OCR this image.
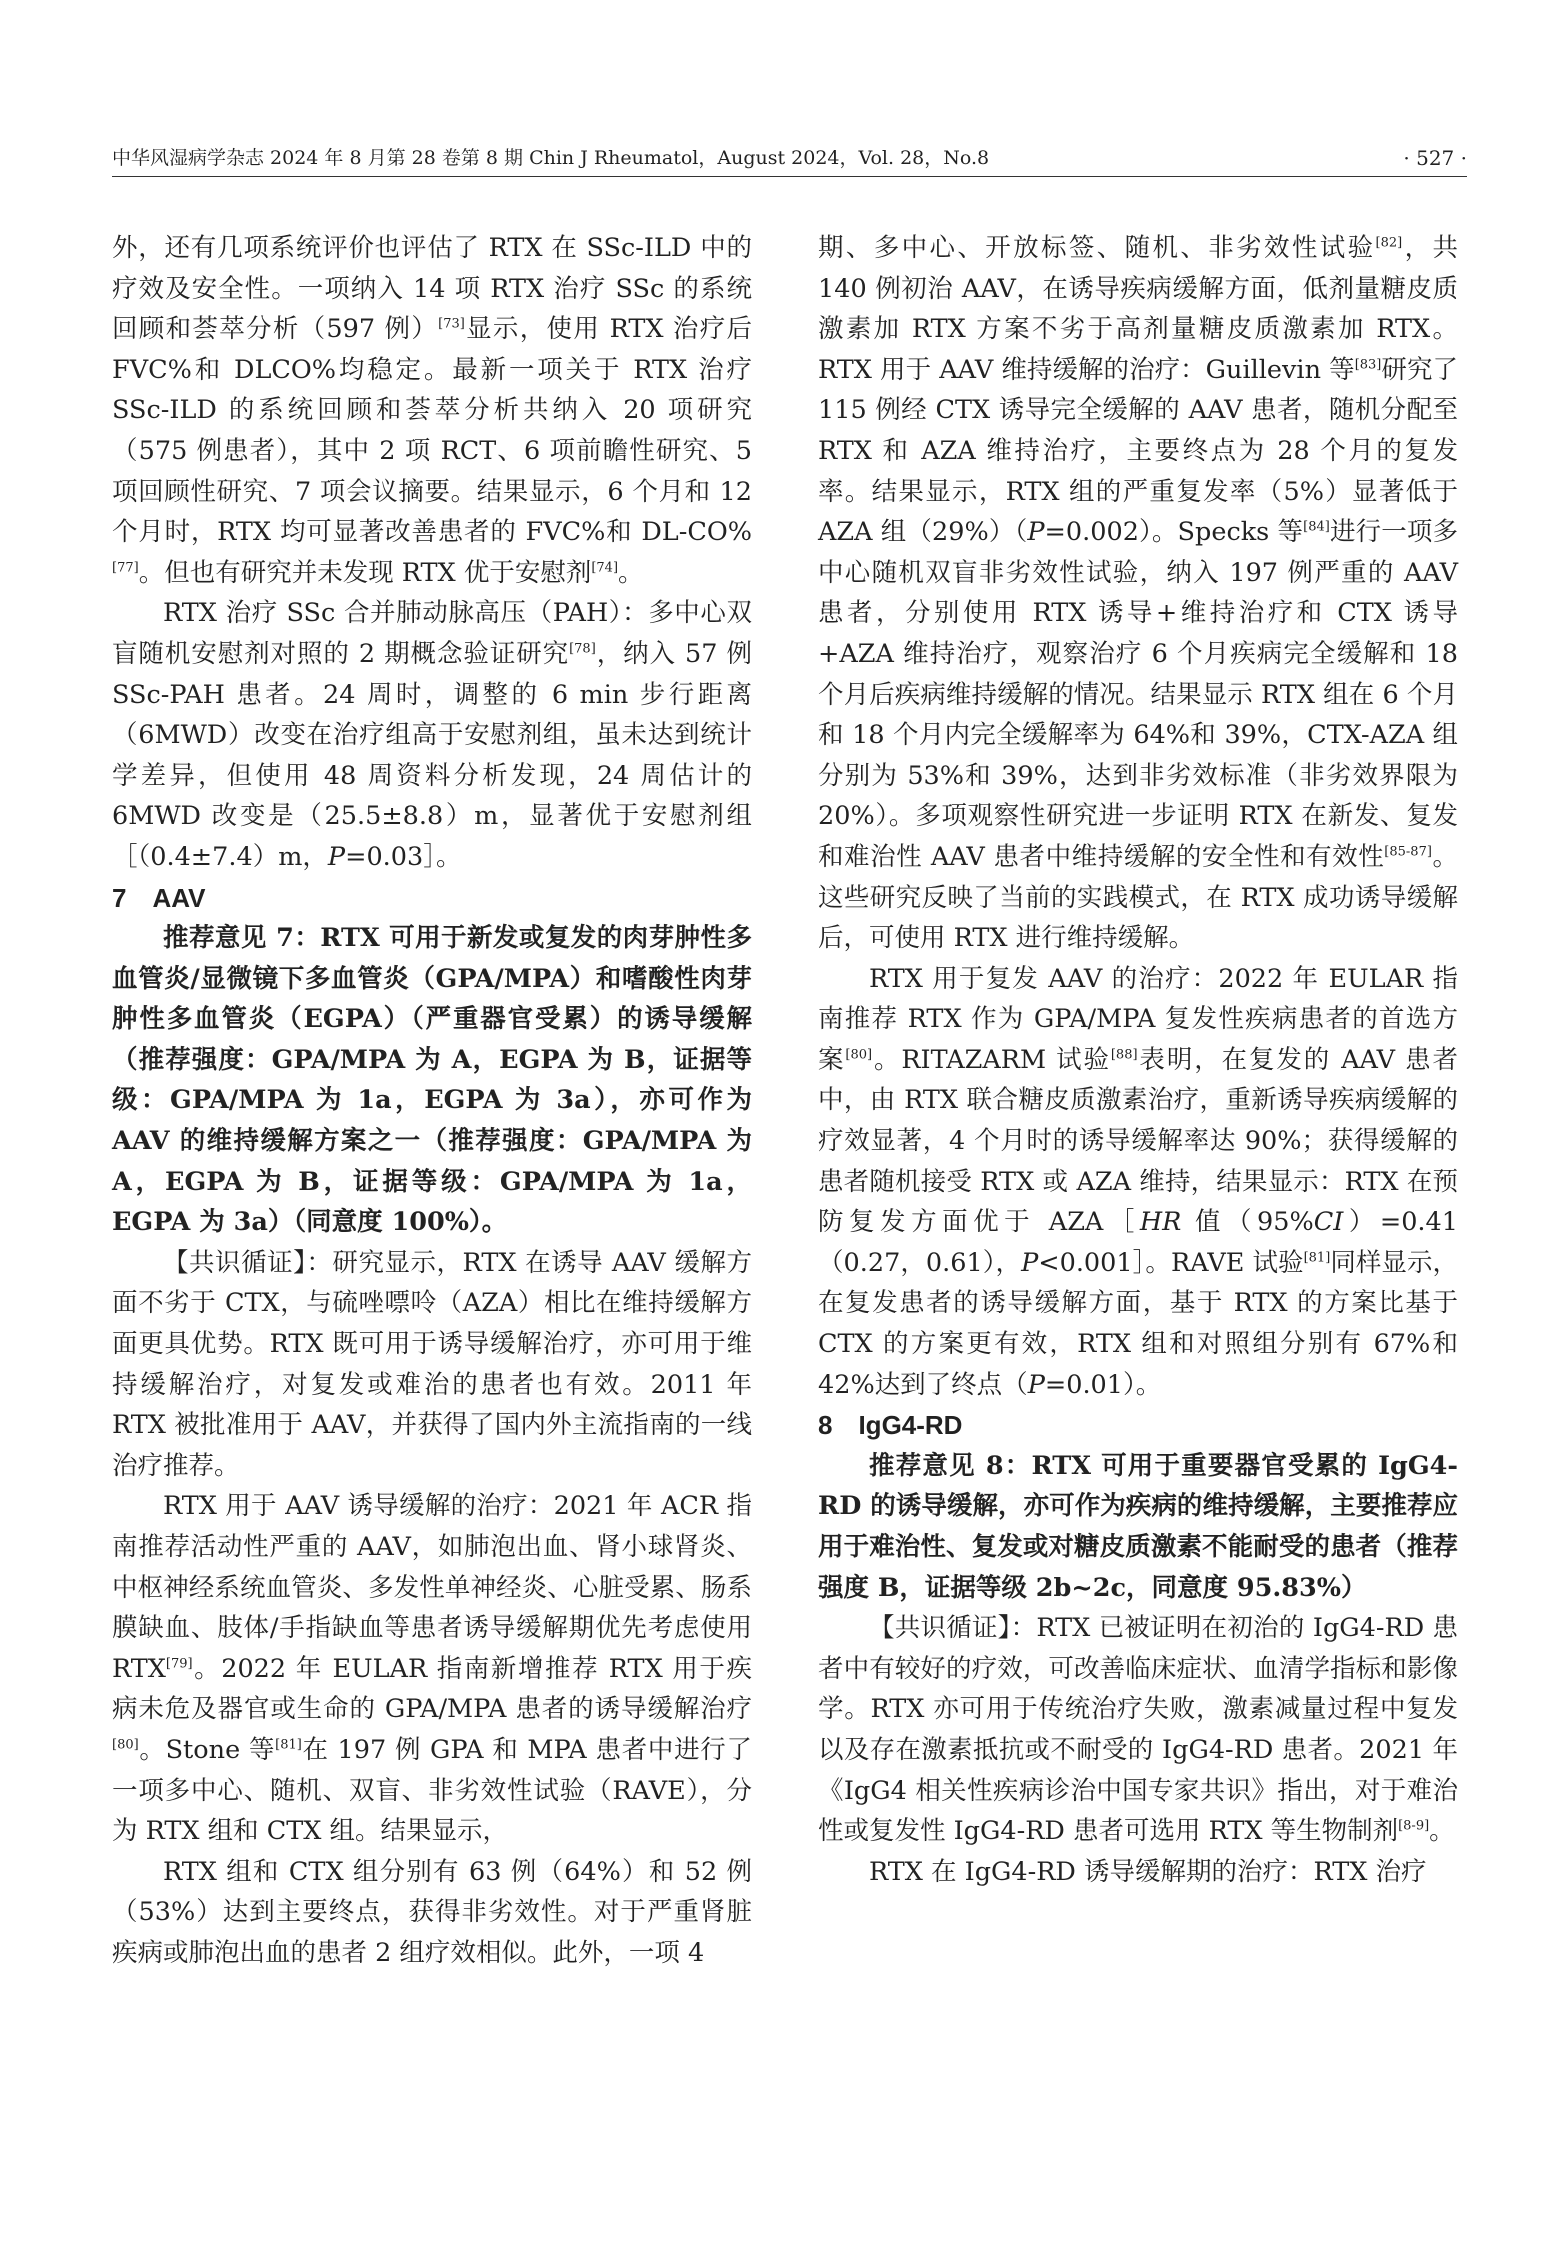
中华风湿病学杂志 2024 年 8 月第 28 卷第 8 期 Chin J Rheumatol，August 2024，Vol. 28，No.8	· 527 ·

外，还有几项系统评价也评估了 RTX 在 SSc-ILD 中的疗效及安全性。一项纳入 14 项 RTX 治疗 SSc 的系统回顾和荟萃分析（597 例）[73]显示，使用 RTX 治疗后 FVC%和 DLCO%均稳定。最新一项关于 RTX 治疗 SSc-ILD 的系统回顾和荟萃分析共纳入 20 项研究（575 例患者），其中 2 项 RCT、6 项前瞻性研究、5 项回顾性研究、7 项会议摘要。结果显示，6 个月和 12 个月时，RTX 均可显著改善患者的 FVC%和 DL-CO%[77]。但也有研究并未发现 RTX 优于安慰剂[74]。

RTX 治疗 SSc 合并肺动脉高压（PAH）：多中心双盲随机安慰剂对照的 2 期概念验证研究[78]，纳入 57 例 SSc-PAH 患者。24 周时，调整的 6 min 步行距离（6MWD）改变在治疗组高于安慰剂组，虽未达到统计学差异，但使用 48 周资料分析发现，24 周估计的 6MWD 改变是（25.5±8.8）m，显著优于安慰剂组［（0.4±7.4）m，P=0.03］。

7　AAV

推荐意见 7：RTX 可用于新发或复发的肉芽肿性多血管炎/显微镜下多血管炎（GPA/MPA）和嗜酸性肉芽肿性多血管炎（EGPA）（严重器官受累）的诱导缓解（推荐强度：GPA/MPA 为 A，EGPA 为 B，证据等级：GPA/MPA 为 1a，EGPA 为 3a），亦可作为 AAV 的维持缓解方案之一（推荐强度：GPA/MPA 为 A，EGPA 为 B，证据等级：GPA/MPA 为 1a，EGPA 为 3a）（同意度 100%）。

【共识循证】：研究显示，RTX 在诱导 AAV 缓解方面不劣于 CTX，与硫唑嘌呤（AZA）相比在维持缓解方面更具优势。RTX 既可用于诱导缓解治疗，亦可用于维持缓解治疗，对复发或难治的患者也有效。2011 年 RTX 被批准用于 AAV，并获得了国内外主流指南的一线治疗推荐。

RTX 用于 AAV 诱导缓解的治疗：2021 年 ACR 指南推荐活动性严重的 AAV，如肺泡出血、肾小球肾炎、中枢神经系统血管炎、多发性单神经炎、心脏受累、肠系膜缺血、肢体/手指缺血等患者诱导缓解期优先考虑使用 RTX[79]。2022 年 EULAR 指南新增推荐 RTX 用于疾病未危及器官或生命的 GPA/MPA 患者的诱导缓解治疗[80]。Stone 等[81]在 197 例 GPA 和 MPA 患者中进行了一项多中心、随机、双盲、非劣效性试验（RAVE），分为 RTX 组和 CTX 组。结果显示，

RTX 组和 CTX 组分别有 63 例（64%）和 52 例（53%）达到主要终点，获得非劣效性。对于严重肾脏疾病或肺泡出血的患者 2 组疗效相似。此外，一项 4

期、多中心、开放标签、随机、非劣效性试验[82]，共 140 例初治 AAV，在诱导疾病缓解方面，低剂量糖皮质激素加 RTX 方案不劣于高剂量糖皮质激素加 RTX。RTX 用于 AAV 维持缓解的治疗：Guillevin 等[83]研究了 115 例经 CTX 诱导完全缓解的 AAV 患者，随机分配至 RTX 和 AZA 维持治疗，主要终点为 28 个月的复发率。结果显示，RTX 组的严重复发率（5%）显著低于 AZA 组（29%）（P=0.002）。Specks 等[84]进行一项多中心随机双盲非劣效性试验，纳入 197 例严重的 AAV 患者，分别使用 RTX 诱导+维持治疗和 CTX 诱导+AZA 维持治疗，观察治疗 6 个月疾病完全缓解和 18 个月后疾病维持缓解的情况。结果显示 RTX 组在 6 个月和 18 个月内完全缓解率为 64%和 39%，CTX-AZA 组分别为 53%和 39%，达到非劣效标准（非劣效界限为 20%）。多项观察性研究进一步证明 RTX 在新发、复发和难治性 AAV 患者中维持缓解的安全性和有效性[85-87]。这些研究反映了当前的实践模式，在 RTX 成功诱导缓解后，可使用 RTX 进行维持缓解。

RTX 用于复发 AAV 的治疗：2022 年 EULAR 指南推荐 RTX 作为 GPA/MPA 复发性疾病患者的首选方案[80]。RITAZARM 试验[88]表明，在复发的 AAV 患者中，由 RTX 联合糖皮质激素治疗，重新诱导疾病缓解的疗效显著，4 个月时的诱导缓解率达 90%；获得缓解的患者随机接受 RTX 或 AZA 维持，结果显示：RTX 在预防复发方面优于 AZA［HR 值（95%CI）=0.41（0.27，0.61），P<0.001］。RAVE 试验[81]同样显示，在复发患者的诱导缓解方面，基于 RTX 的方案比基于 CTX 的方案更有效，RTX 组和对照组分别有 67%和 42%达到了终点（P=0.01）。

8　IgG4-RD

推荐意见 8：RTX 可用于重要器官受累的 IgG4-RD 的诱导缓解，亦可作为疾病的维持缓解，主要推荐应用于难治性、复发或对糖皮质激素不能耐受的患者（推荐强度 B，证据等级 2b~2c，同意度 95.83%）

【共识循证】：RTX 已被证明在初治的 IgG4-RD 患者中有较好的疗效，可改善临床症状、血清学指标和影像学。RTX 亦可用于传统治疗失败，激素减量过程中复发以及存在激素抵抗或不耐受的 IgG4-RD 患者。2021 年《IgG4 相关性疾病诊治中国专家共识》指出，对于难治性或复发性 IgG4-RD 患者可选用 RTX 等生物制剂[8-9]。

RTX 在 IgG4-RD 诱导缓解期的治疗：RTX 治疗
